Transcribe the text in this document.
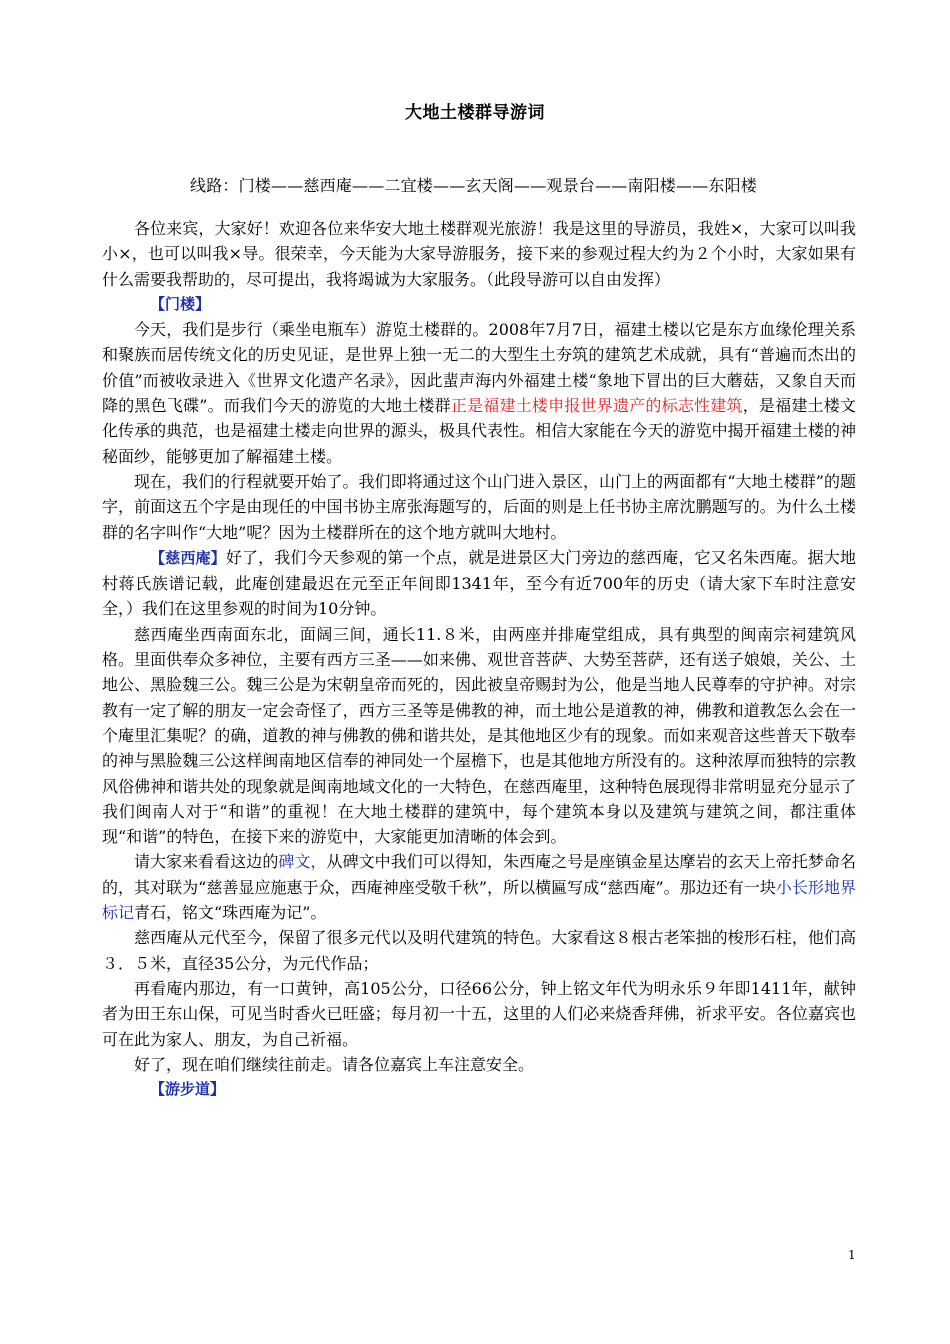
大地土楼群导游词
线路：门楼——慈西庵——二宜楼——玄天阁——观景台——南阳楼——东阳楼

各位来宾，大家好！欢迎各位来华安大地土楼群观光旅游！我是这里的导游员，我姓×，大家可以叫我小×，也可以叫我×导。很荣幸，今天能为大家导游服务，接下来的参观过程大约为２个小时，大家如果有什么需要我帮助的，尽可提出，我将竭诚为大家服务。（此段导游可以自由发挥）

【门楼】

今天，我们是步行（乘坐电瓶车）游览土楼群的。2008年7月7日，福建土楼以它是东方血缘伦理关系和聚族而居传统文化的历史见证，是世界上独一无二的大型生土夯筑的建筑艺术成就，具有“普遍而杰出的价值”而被收录进入《世界文化遗产名录》，因此蜚声海内外福建土楼“象地下冒出的巨大蘑菇，又象自天而降的黑色飞碟”。而我们今天的游览的大地土楼群正是福建土楼申报世界遗产的标志性建筑，是福建土楼文化传承的典范，也是福建土楼走向世界的源头，极具代表性。相信大家能在今天的游览中揭开福建土楼的神秘面纱，能够更加了解福建土楼。

现在，我们的行程就要开始了。我们即将通过这个山门进入景区，山门上的两面都有“大地土楼群”的题字，前面这五个字是由现任的中国书协主席张海题写的，后面的则是上任书协主席沈鹏题写的。为什么土楼群的名字叫作“大地”呢？因为土楼群所在的这个地方就叫大地村。

【慈西庵】好了，我们今天参观的第一个点，就是进景区大门旁边的慈西庵，它又名朱西庵。据大地村蒋氏族谱记载，此庵创建最迟在元至正年间即1341年，至今有近700年的历史（请大家下车时注意安全，）我们在这里参观的时间为10分钟。

慈西庵坐西南面东北，面阔三间，通长11.８米，由两座并排庵堂组成，具有典型的闽南宗祠建筑风格。里面供奉众多神位，主要有西方三圣——如来佛、观世音菩萨、大势至菩萨，还有送子娘娘，关公、土地公、黑脸魏三公。魏三公是为宋朝皇帝而死的，因此被皇帝赐封为公，他是当地人民尊奉的守护神。对宗教有一定了解的朋友一定会奇怪了，西方三圣等是佛教的神，而土地公是道教的神，佛教和道教怎么会在一个庵里汇集呢？的确，道教的神与佛教的佛和谐共处，是其他地区少有的现象。而如来观音这些普天下敬奉的神与黑脸魏三公这样闽南地区信奉的神同处一个屋檐下，也是其他地方所没有的。这种浓厚而独特的宗教风俗佛神和谐共处的现象就是闽南地域文化的一大特色，在慈西庵里，这种特色展现得非常明显充分显示了我们闽南人对于“和谐”的重视！在大地土楼群的建筑中，每个建筑本身以及建筑与建筑之间，都注重体现“和谐”的特色，在接下来的游览中，大家能更加清晰的体会到。

请大家来看看这边的碑文，从碑文中我们可以得知，朱西庵之号是座镇金星达摩岩的玄天上帝托梦命名的，其对联为“慈善显应施惠于众，西庵神座受敬千秋”，所以横匾写成“慈西庵”。那边还有一块小长形地界标记青石，铭文“珠西庵为记”。

慈西庵从元代至今，保留了很多元代以及明代建筑的特色。大家看这８根古老笨拙的梭形石柱，他们高３．５米，直径35公分，为元代作品；

再看庵内那边，有一口黄钟，高105公分，口径66公分，钟上铭文年代为明永乐９年即1411年，献钟者为田王东山保，可见当时香火已旺盛；每月初一十五，这里的人们必来烧香拜佛，祈求平安。各位嘉宾也可在此为家人、朋友，为自己祈福。

好了，现在咱们继续往前走。请各位嘉宾上车注意安全。

【游步道】
1
